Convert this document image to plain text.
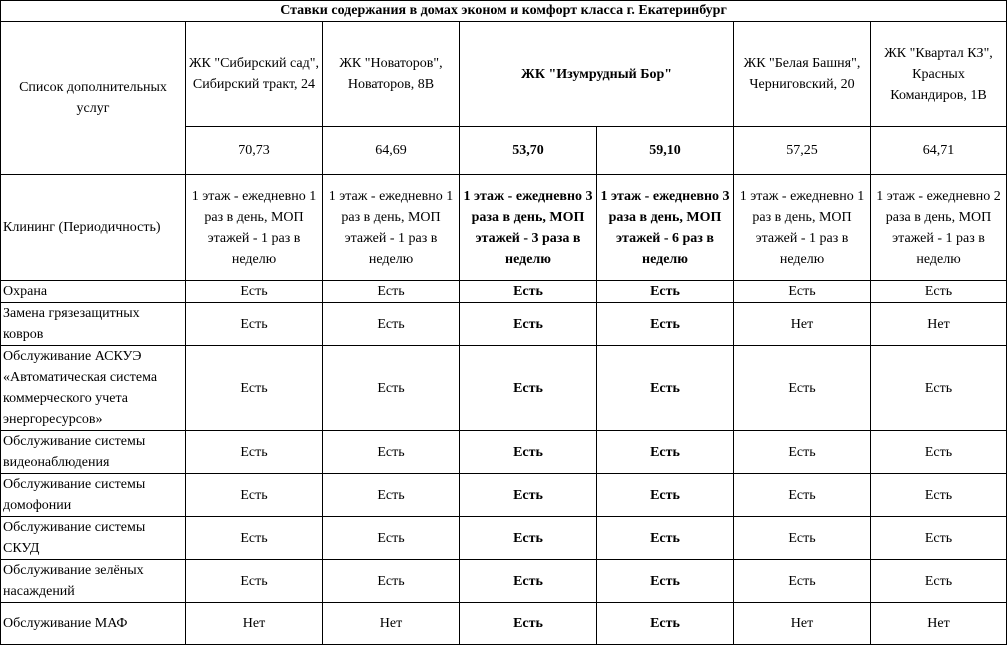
Ставки содержания в домах эконом и комфорт класса г. Екатеринбург						
Список дополнительных услуг	ЖК "Сибирский сад", Сибирский тракт, 24	ЖК "Новаторов", Новаторов, 8В	ЖК "Изумрудный Бор"		ЖК "Белая Башня", Черниговский, 20	ЖК "Квартал КЗ", Красных Командиров, 1В
	70,73	64,69	53,70	59,10	57,25	64,71
Клининг (Периодичность)	1 этаж - ежедневно 1 раз в день, МОП этажей - 1 раз в неделю	1 этаж - ежедневно 1 раз в день, МОП этажей - 1 раз в неделю	1 этаж - ежедневно 3 раза в день, МОП этажей - 3 раза в неделю	1 этаж - ежедневно 3 раза в день, МОП этажей - 6 раз в неделю	1 этаж - ежедневно 1 раз в день, МОП этажей - 1 раз в неделю	1 этаж - ежедневно 2 раза в день, МОП этажей - 1 раз в неделю
Охрана	Есть	Есть	Есть	Есть	Есть	Есть
Замена грязезащитных ковров	Есть	Есть	Есть	Есть	Нет	Нет
Обслуживание АСКУЭ «Автоматическая система коммерческого учета энергоресурсов»	Есть	Есть	Есть	Есть	Есть	Есть
Обслуживание системы видеонаблюдения	Есть	Есть	Есть	Есть	Есть	Есть
Обслуживание системы домофонии	Есть	Есть	Есть	Есть	Есть	Есть
Обслуживание системы СКУД	Есть	Есть	Есть	Есть	Есть	Есть
Обслуживание зелёных насаждений	Есть	Есть	Есть	Есть	Есть	Есть
Обслуживание МАФ	Нет	Нет	Есть	Есть	Нет	Нет
